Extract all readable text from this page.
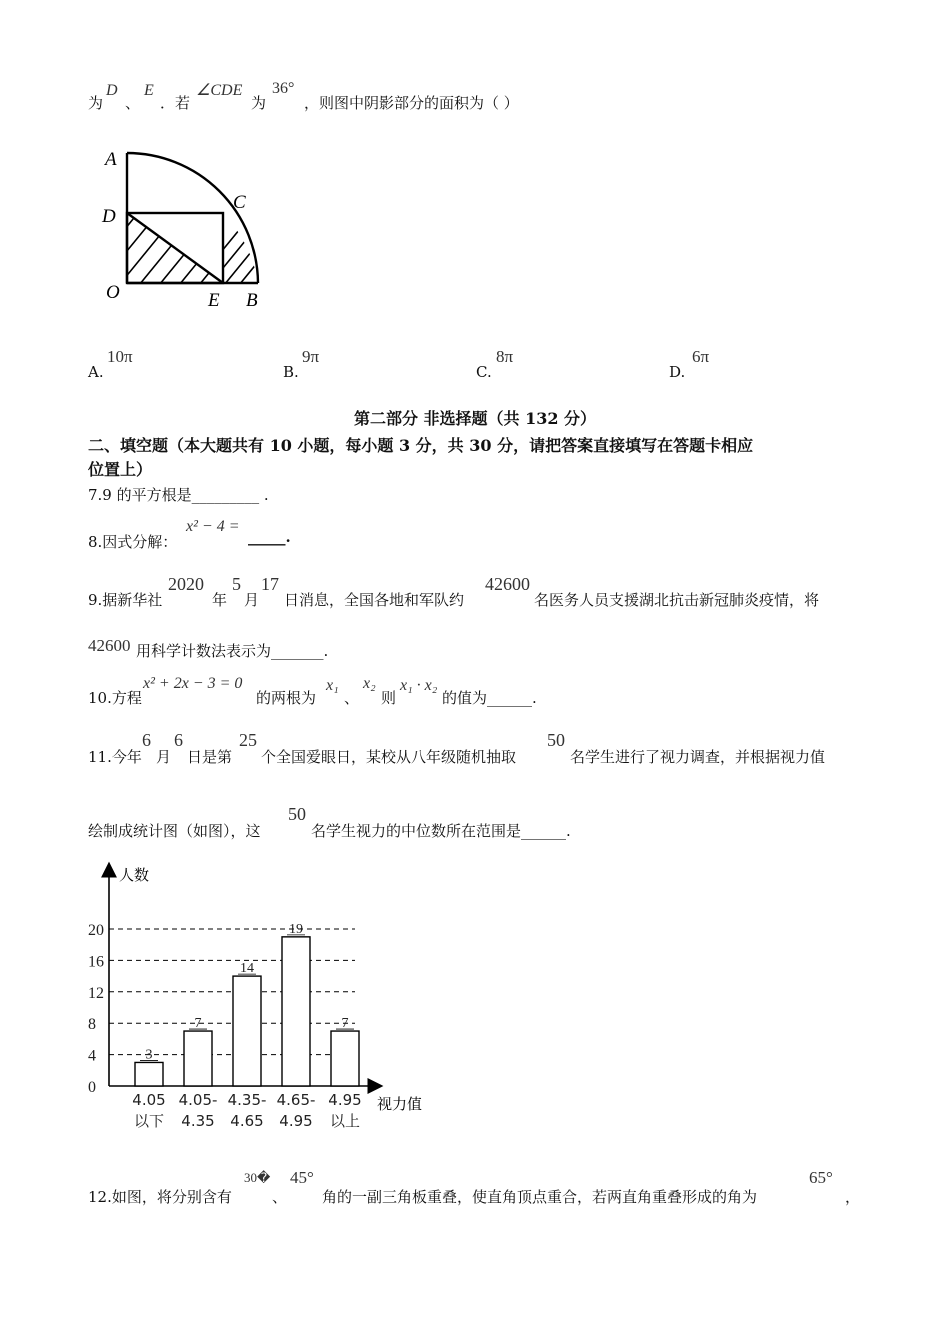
为
D
、
E
．若
∠CDE
为
36°
，则图中阴影部分的面积为（ ）
A
C
D
O	E B
A.
10π
B.
9π
C.
8π
D.
6π
第二部分 非选择题（共 132 分）
二、填空题（本大题共有 10 小题，每小题 3 分，共 30 分，请把答案直接填写在答题卡相应
位置上）
7.9 的平方根是_________ .
8.因式分解：
x² − 4 =
_____.
9.据新华社
2020
年
5
月
17
日消息，全国各地和军队约
42600
名医务人员支援湖北抗击新冠肺炎疫情，将
42600 用科学计数法表示为_______.
10.方程
x² + 2x − 3 = 0
的两根为
x₁
、
x₂
则
x₁ · x₂
的值为______.
11.今年
6
月
6
日是第
25
个全国爱眼日，某校从八年级随机抽取
50
名学生进行了视力调查，并根据视力值
绘制成统计图（如图），这
50
名学生视力的中位数所在范围是______.
人数
视力值
0
4
8
12
16
20
3
7
14
19
7
4.05
以下
4.05-
4.35
4.35-
4.65
4.65-
4.95
4.95
以上
12.如图，将分别含有
30�
、
45°
角的一副三角板重叠，使直角顶点重合，若两直角重叠形成的角为
65°
，
